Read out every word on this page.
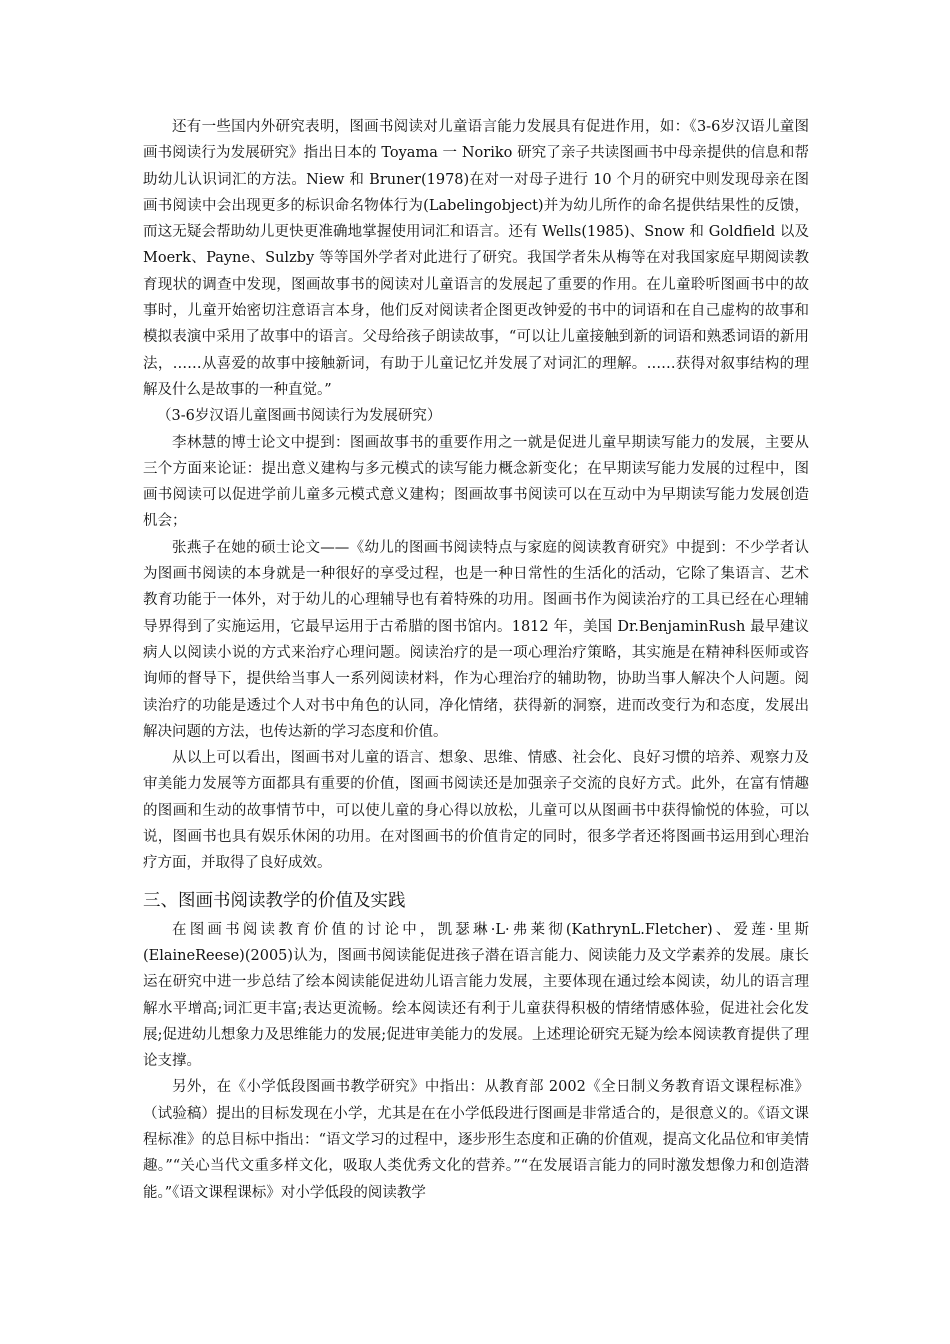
还有一些国内外研究表明，图画书阅读对儿童语言能力发展具有促进作用，如：《3-6岁汉语儿童图画书阅读行为发展研究》指出日本的 Toyama 一 Noriko 研究了亲子共读图画书中母亲提供的信息和帮助幼儿认识词汇的方法。Niew 和 Bruner(1978)在对一对母子进行 10 个月的研究中则发现母亲在图画书阅读中会出现更多的标识命名物体行为(Labelingobject)并为幼儿所作的命名提供结果性的反馈，而这无疑会帮助幼儿更快更准确地掌握使用词汇和语言。还有 Wells(1985)、Snow 和 Goldfield 以及 Moerk、Payne、Sulzby 等等国外学者对此进行了研究。我国学者朱从梅等在对我国家庭早期阅读教育现状的调查中发现，图画故事书的阅读对儿童语言的发展起了重要的作用。在儿童聆听图画书中的故事时，儿童开始密切注意语言本身，他们反对阅读者企图更改钟爱的书中的词语和在自己虚构的故事和模拟表演中采用了故事中的语言。父母给孩子朗读故事，“可以让儿童接触到新的词语和熟悉词语的新用法，……从喜爱的故事中接触新词，有助于儿童记忆并发展了对词汇的理解。……获得对叙事结构的理解及什么是故事的一种直觉。”

（3-6岁汉语儿童图画书阅读行为发展研究）

李林慧的博士论文中提到：图画故事书的重要作用之一就是促进儿童早期读写能力的发展，主要从三个方面来论证：提出意义建构与多元模式的读写能力概念新变化；在早期读写能力发展的过程中，图画书阅读可以促进学前儿童多元模式意义建构；图画故事书阅读可以在互动中为早期读写能力发展创造机会；

张燕子在她的硕士论文——《幼儿的图画书阅读特点与家庭的阅读教育研究》中提到：不少学者认为图画书阅读的本身就是一种很好的享受过程，也是一种日常性的生活化的活动，它除了集语言、艺术教育功能于一体外，对于幼儿的心理辅导也有着特殊的功用。图画书作为阅读治疗的工具已经在心理辅导界得到了实施运用，它最早运用于古希腊的图书馆内。1812 年，美国 Dr.BenjaminRush 最早建议病人以阅读小说的方式来治疗心理问题。阅读治疗的是一项心理治疗策略，其实施是在精神科医师或咨询师的督导下，提供给当事人一系列阅读材料，作为心理治疗的辅助物，协助当事人解决个人问题。阅读治疗的功能是透过个人对书中角色的认同，净化情绪，获得新的洞察，进而改变行为和态度，发展出解决问题的方法，也传达新的学习态度和价值。

从以上可以看出，图画书对儿童的语言、想象、思维、情感、社会化、良好习惯的培养、观察力及审美能力发展等方面都具有重要的价值，图画书阅读还是加强亲子交流的良好方式。此外，在富有情趣的图画和生动的故事情节中，可以使儿童的身心得以放松，儿童可以从图画书中获得愉悦的体验，可以说，图画书也具有娱乐休闲的功用。在对图画书的价值肯定的同时，很多学者还将图画书运用到心理治疗方面，并取得了良好成效。

三、图画书阅读教学的价值及实践

在图画书阅读教育价值的讨论中，凯瑟琳·L·弗莱彻(KathrynL.Fletcher)、爱莲·里斯(ElaineReese)(2005)认为，图画书阅读能促进孩子潜在语言能力、阅读能力及文学素养的发展。康长运在研究中进一步总结了绘本阅读能促进幼儿语言能力发展，主要体现在通过绘本阅读，幼儿的语言理解水平增高;词汇更丰富;表达更流畅。绘本阅读还有利于儿童获得积极的情绪情感体验，促进社会化发展;促进幼儿想象力及思维能力的发展;促进审美能力的发展。上述理论研究无疑为绘本阅读教育提供了理论支撑。

另外，在《小学低段图画书教学研究》中指出：从教育部 2002《全日制义务教育语文课程标准》（试验稿）提出的目标发现在小学，尤其是在在小学低段进行图画是非常适合的，是很意义的。《语文课程标准》的总目标中指出：“语文学习的过程中，逐步形生态度和正确的价值观，提高文化品位和审美情趣。”“关心当代文重多样文化，吸取人类优秀文化的营养。”“在发展语言能力的同时激发想像力和创造潜能。”《语文课程课标》对小学低段的阅读教学
